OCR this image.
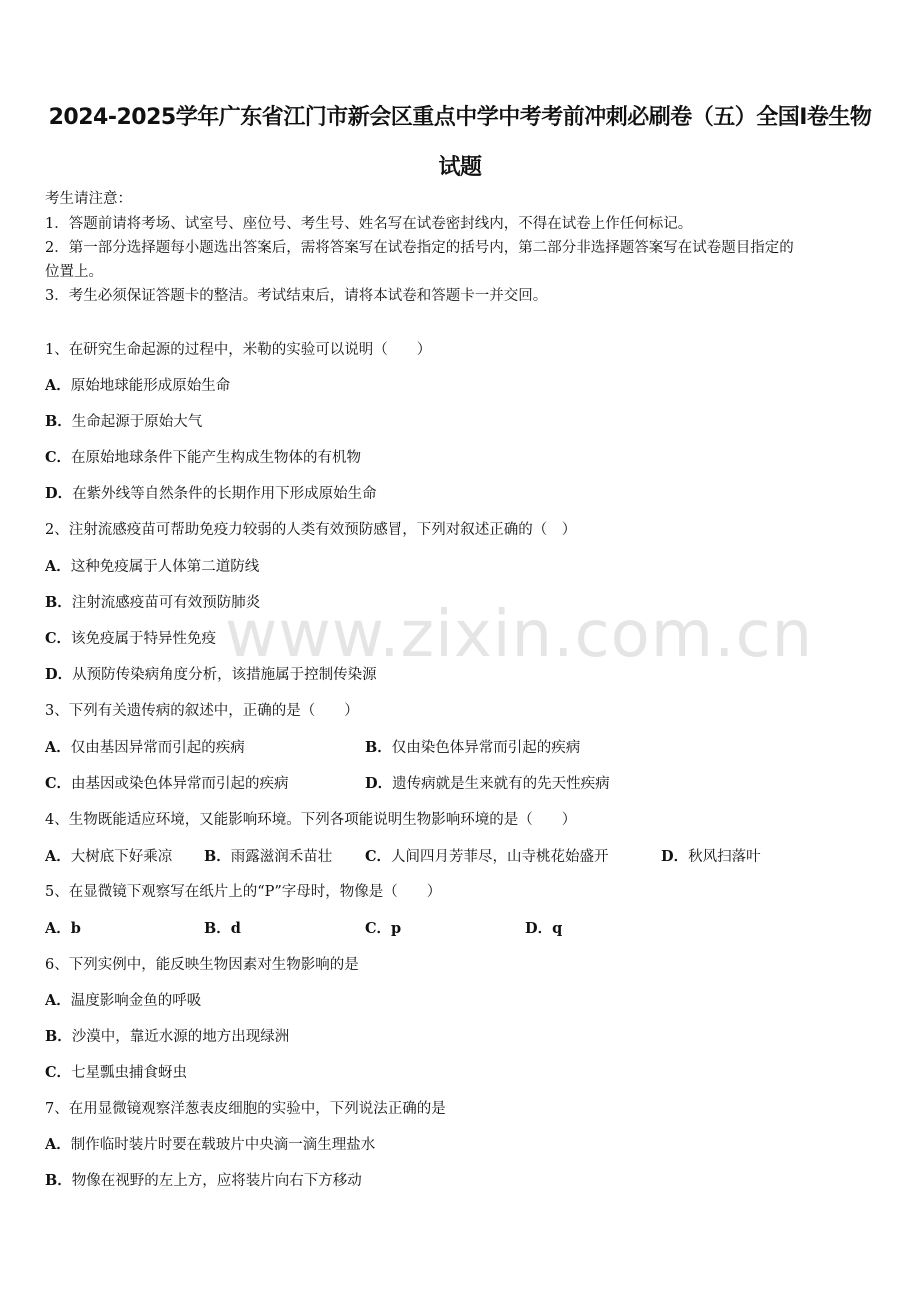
2024-2025学年广东省江门市新会区重点中学中考考前冲刺必刷卷（五）全国Ⅰ卷生物
试题

考生请注意：

1．答题前请将考场、试室号、座位号、考生号、姓名写在试卷密封线内，不得在试卷上作任何标记。

2．第一部分选择题每小题选出答案后，需将答案写在试卷指定的括号内，第二部分非选择题答案写在试卷题目指定的

位置上。

3．考生必须保证答题卡的整洁。考试结束后，请将本试卷和答题卡一并交回。

1、在研究生命起源的过程中，米勒的实验可以说明（　　）

A．原始地球能形成原始生命

B．生命起源于原始大气

C．在原始地球条件下能产生构成生物体的有机物

D．在紫外线等自然条件的长期作用下形成原始生命

2、注射流感疫苗可帮助免疫力较弱的人类有效预防感冒，下列对叙述正确的（　）

A．这种免疫属于人体第二道防线

B．注射流感疫苗可有效预防肺炎

C．该免疫属于特异性免疫

D．从预防传染病角度分析，该措施属于控制传染源

3、下列有关遗传病的叙述中，正确的是（　　）

A．仅由基因异常而引起的疾病	B．仅由染色体异常而引起的疾病

C．由基因或染色体异常而引起的疾病	D．遗传病就是生来就有的先天性疾病

4、生物既能适应环境，又能影响环境。下列各项能说明生物影响环境的是（　　）

A．大树底下好乘凉 B．雨露滋润禾苗壮 C．人间四月芳菲尽，山寺桃花始盛开	D．秋风扫落叶

5、在显微镜下观察写在纸片上的“P”字母时，物像是（　　）

A．b	B．d	C．p	D．q

6、下列实例中，能反映生物因素对生物影响的是

A．温度影响金鱼的呼吸

B．沙漠中，靠近水源的地方出现绿洲

C．七星瓢虫捕食蚜虫

7、在用显微镜观察洋葱表皮细胞的实验中，下列说法正确的是

A．制作临时装片时要在载玻片中央滴一滴生理盐水

B．物像在视野的左上方，应将装片向右下方移动

www.zixin.com.cn
